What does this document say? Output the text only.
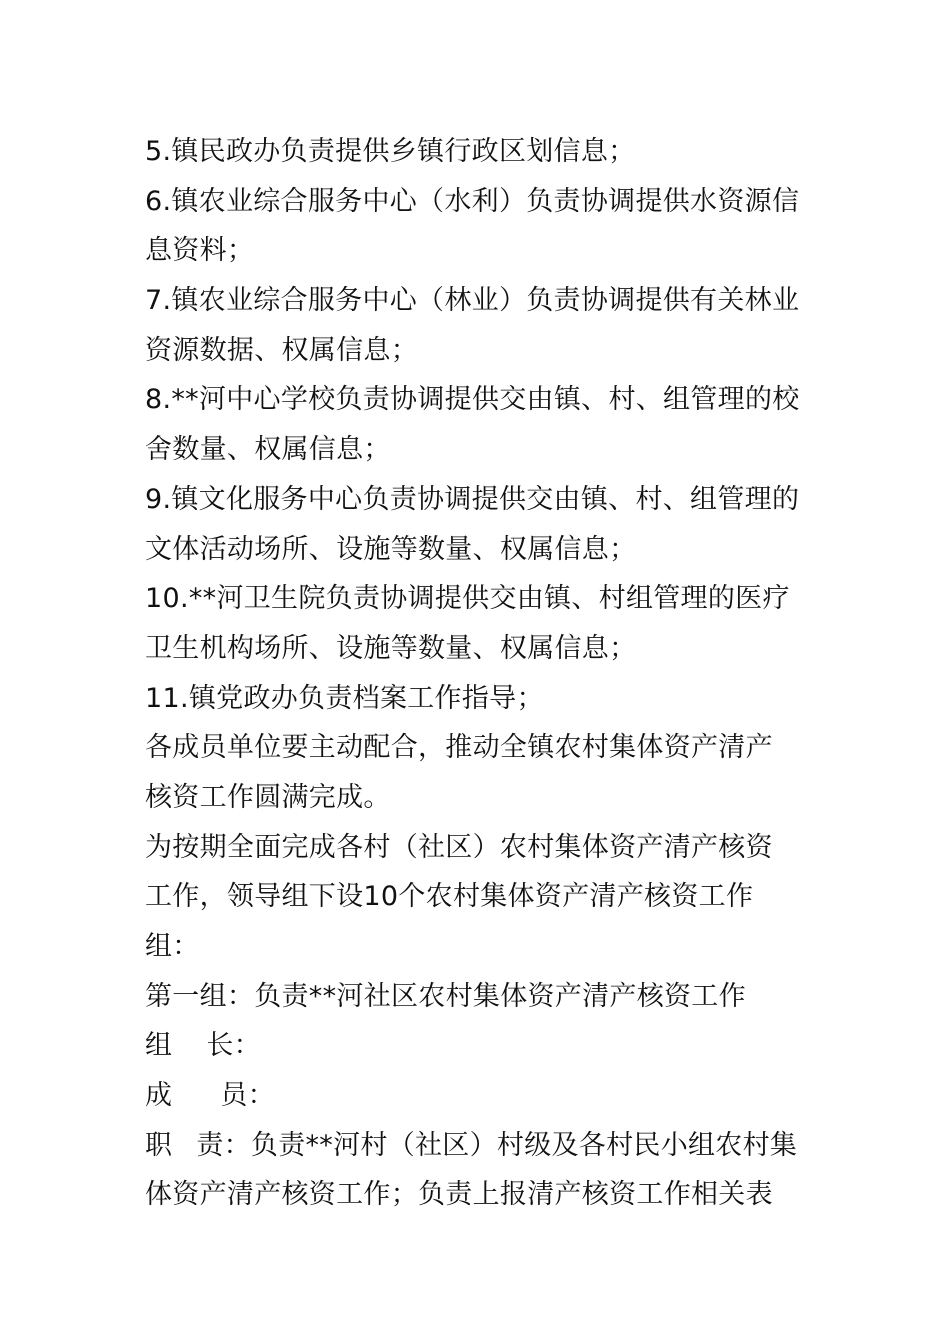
5.镇民政办负责提供乡镇行政区划信息；
6.镇农业综合服务中心（水利）负责协调提供水资源信
息资料；
7.镇农业综合服务中心（林业）负责协调提供有关林业
资源数据、权属信息；
8.**河中心学校负责协调提供交由镇、村、组管理的校
舍数量、权属信息；
9.镇文化服务中心负责协调提供交由镇、村、组管理的
文体活动场所、设施等数量、权属信息；
10.**河卫生院负责协调提供交由镇、村组管理的医疗
卫生机构场所、设施等数量、权属信息；
11.镇党政办负责档案工作指导；
各成员单位要主动配合，推动全镇农村集体资产清产
核资工作圆满完成。
为按期全面完成各村（社区）农村集体资产清产核资
工作，领导组下设10个农村集体资产清产核资工作
组：
第一组：负责**河社区农村集体资产清产核资工作
组 长：
成 员：
职 责：负责**河村（社区）村级及各村民小组农村集
体资产清产核资工作；负责上报清产核资工作相关表
